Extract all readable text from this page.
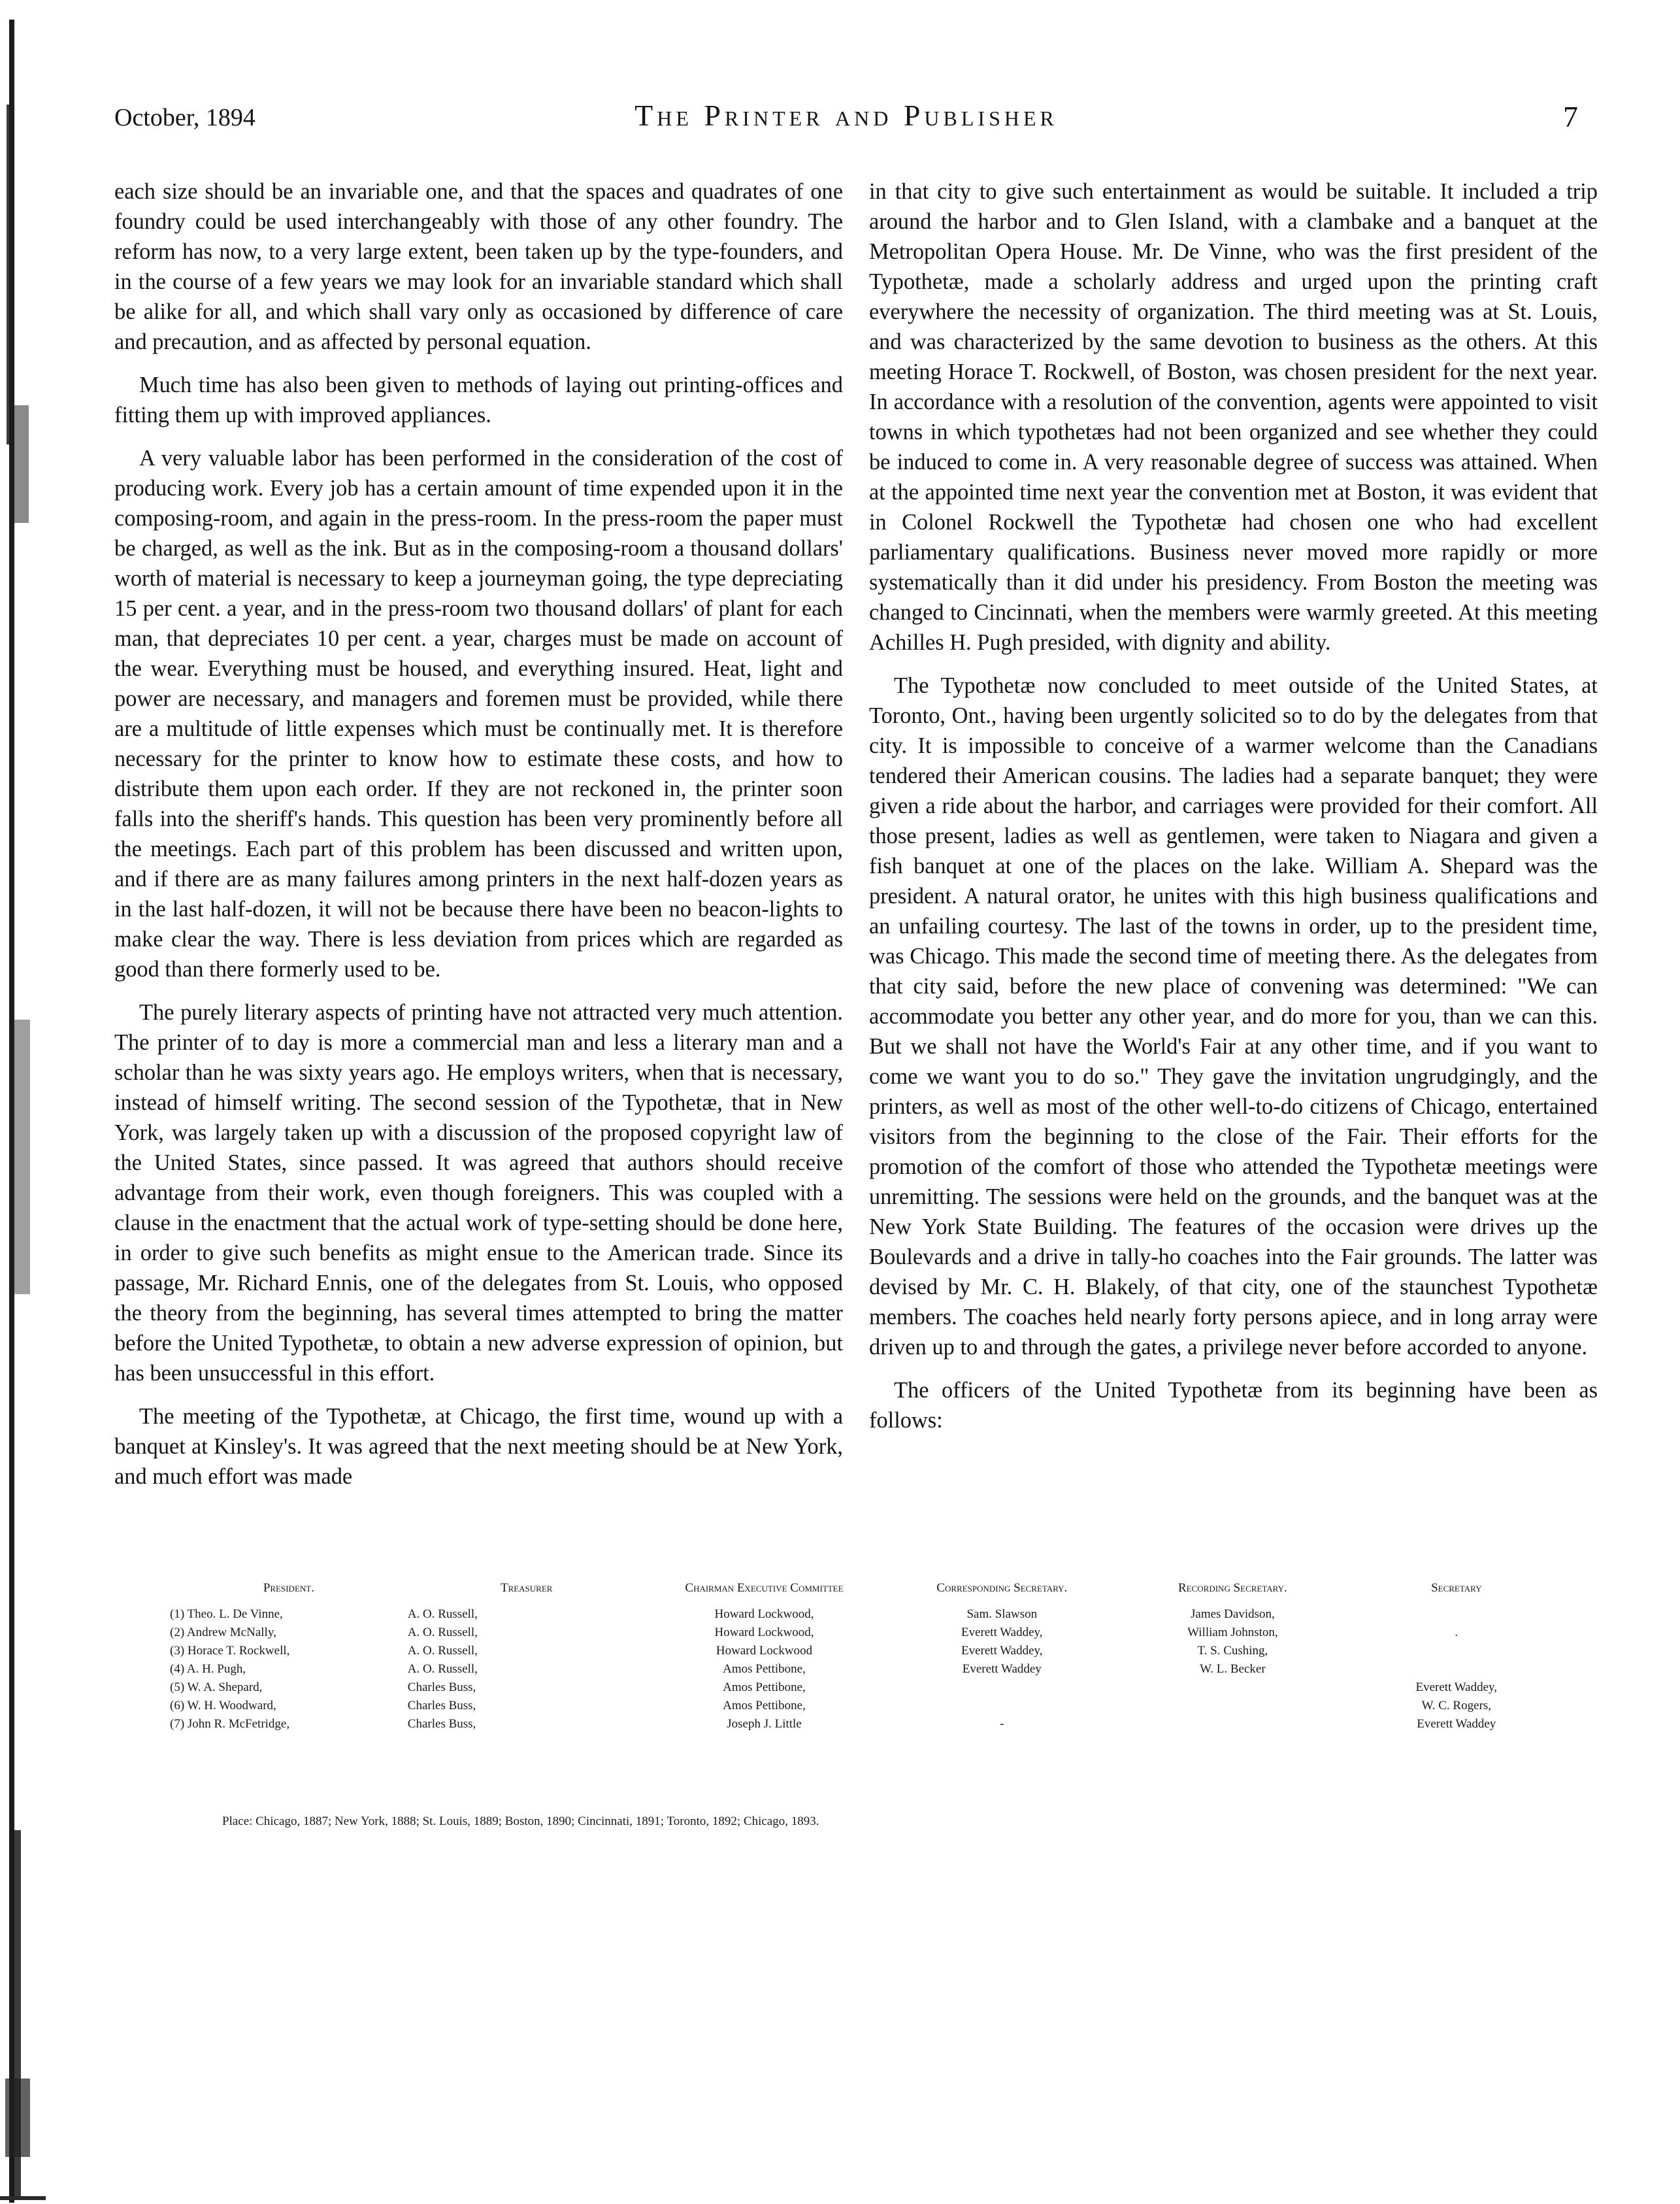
October, 1894	The Printer and Publisher	7

each size should be an invariable one, and that the spaces and quadrates of one foundry could be used interchangeably with those of any other foundry. The reform has now, to a very large extent, been taken up by the type-founders, and in the course of a few years we may look for an invariable standard which shall be alike for all, and which shall vary only as occasioned by difference of care and precaution, and as affected by personal equation.

Much time has also been given to methods of laying out printing-offices and fitting them up with improved appliances.

A very valuable labor has been performed in the consideration of the cost of producing work. Every job has a certain amount of time expended upon it in the composing-room, and again in the press-room. In the press-room the paper must be charged, as well as the ink. But as in the composing-room a thousand dollars' worth of material is necessary to keep a journeyman going, the type depreciating 15 per cent. a year, and in the press-room two thousand dollars' of plant for each man, that depreciates 10 per cent. a year, charges must be made on account of the wear. Everything must be housed, and everything insured. Heat, light and power are necessary, and managers and foremen must be provided, while there are a multitude of little expenses which must be continually met. It is therefore necessary for the printer to know how to estimate these costs, and how to distribute them upon each order. If they are not reckoned in, the printer soon falls into the sheriff's hands. This question has been very prominently before all the meetings. Each part of this problem has been discussed and written upon, and if there are as many failures among printers in the next half-dozen years as in the last half-dozen, it will not be because there have been no beacon-lights to make clear the way. There is less deviation from prices which are regarded as good than there formerly used to be.

The purely literary aspects of printing have not attracted very much attention. The printer of to day is more a commercial man and less a literary man and a scholar than he was sixty years ago. He employs writers, when that is necessary, instead of himself writing. The second session of the Typothetæ, that in New York, was largely taken up with a discussion of the proposed copyright law of the United States, since passed. It was agreed that authors should receive advantage from their work, even though foreigners. This was coupled with a clause in the enactment that the actual work of type-setting should be done here, in order to give such benefits as might ensue to the American trade. Since its passage, Mr. Richard Ennis, one of the delegates from St. Louis, who opposed the theory from the beginning, has several times attempted to bring the matter before the United Typothetæ, to obtain a new adverse expression of opinion, but has been unsuccessful in this effort.

The meeting of the Typothetæ, at Chicago, the first time, wound up with a banquet at Kinsley's. It was agreed that the next meeting should be at New York, and much effort was made

in that city to give such entertainment as would be suitable. It included a trip around the harbor and to Glen Island, with a clambake and a banquet at the Metropolitan Opera House. Mr. De Vinne, who was the first president of the Typothetæ, made a scholarly address and urged upon the printing craft everywhere the necessity of organization. The third meeting was at St. Louis, and was characterized by the same devotion to business as the others. At this meeting Horace T. Rockwell, of Boston, was chosen president for the next year. In accordance with a resolution of the convention, agents were appointed to visit towns in which typothetæs had not been organized and see whether they could be induced to come in. A very reasonable degree of success was attained. When at the appointed time next year the convention met at Boston, it was evident that in Colonel Rockwell the Typothetæ had chosen one who had excellent parliamentary qualifications. Business never moved more rapidly or more systematically than it did under his presidency. From Boston the meeting was changed to Cincinnati, when the members were warmly greeted. At this meeting Achilles H. Pugh presided, with dignity and ability.

The Typothetæ now concluded to meet outside of the United States, at Toronto, Ont., having been urgently solicited so to do by the delegates from that city. It is impossible to conceive of a warmer welcome than the Canadians tendered their American cousins. The ladies had a separate banquet; they were given a ride about the harbor, and carriages were provided for their comfort. All those present, ladies as well as gentlemen, were taken to Niagara and given a fish banquet at one of the places on the lake. William A. Shepard was the president. A natural orator, he unites with this high business qualifications and an unfailing courtesy. The last of the towns in order, up to the president time, was Chicago. This made the second time of meeting there. As the delegates from that city said, before the new place of convening was determined: "We can accommodate you better any other year, and do more for you, than we can this. But we shall not have the World's Fair at any other time, and if you want to come we want you to do so." They gave the invitation ungrudgingly, and the printers, as well as most of the other well-to-do citizens of Chicago, entertained visitors from the beginning to the close of the Fair. Their efforts for the promotion of the comfort of those who attended the Typothetæ meetings were unremitting. The sessions were held on the grounds, and the banquet was at the New York State Building. The features of the occasion were drives up the Boulevards and a drive in tally-ho coaches into the Fair grounds. The latter was devised by Mr. C. H. Blakely, of that city, one of the staunchest Typothetæ members. The coaches held nearly forty persons apiece, and in long array were driven up to and through the gates, a privilege never before accorded to anyone.

The officers of the United Typothetæ from its beginning have been as follows:

President.	Treasurer	Chairman Executive Committee	Corresponding Secretary.	Recording Secretary.	Secretary
(1) Theo. L. De Vinne,	A. O. Russell,	Howard Lockwood,	Sam. Slawson	James Davidson,	
(2) Andrew McNally,	A. O. Russell,	Howard Lockwood,	Everett Waddey,	William Johnston,	.
(3) Horace T. Rockwell,	A. O. Russell,	Howard Lockwood	Everett Waddey,	T. S. Cushing,	
(4) A. H. Pugh,	A. O. Russell,	Amos Pettibone,	Everett Waddey	W. L. Becker	
(5) W. A. Shepard,	Charles Buss,	Amos Pettibone,			Everett Waddey,
(6) W. H. Woodward,	Charles Buss,	Amos Pettibone,			W. C. Rogers,
(7) John R. McFetridge,	Charles Buss,	Joseph J. Little	-		Everett Waddey
Place: Chicago, 1887; New York, 1888; St. Louis, 1889; Boston, 1890; Cincinnati, 1891; Toronto, 1892; Chicago, 1893.
